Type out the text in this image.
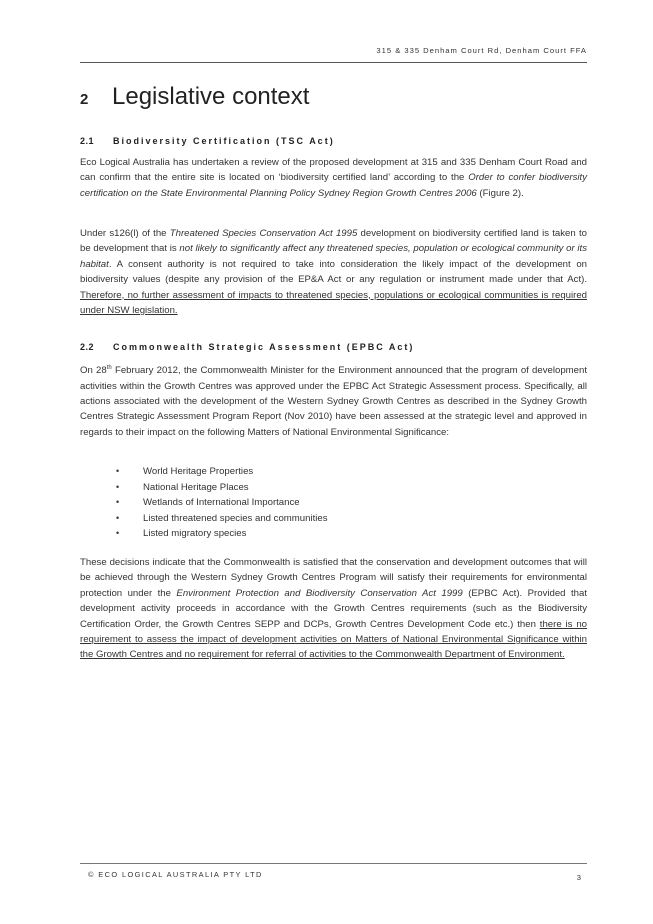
315 & 335 Denham Court Rd, Denham Court FFA
2 Legislative context
2.1 Biodiversity Certification (TSC Act)
Eco Logical Australia has undertaken a review of the proposed development at 315 and 335 Denham Court Road and can confirm that the entire site is located on ‘biodiversity certified land’ according to the Order to confer biodiversity certification on the State Environmental Planning Policy Sydney Region Growth Centres 2006 (Figure 2).
Under s126(l) of the Threatened Species Conservation Act 1995 development on biodiversity certified land is taken to be development that is not likely to significantly affect any threatened species, population or ecological community or its habitat. A consent authority is not required to take into consideration the likely impact of the development on biodiversity values (despite any provision of the EP&A Act or any regulation or instrument made under that Act). Therefore, no further assessment of impacts to threatened species, populations or ecological communities is required under NSW legislation.
2.2 Commonwealth Strategic Assessment (EPBC Act)
On 28th February 2012, the Commonwealth Minister for the Environment announced that the program of development activities within the Growth Centres was approved under the EPBC Act Strategic Assessment process. Specifically, all actions associated with the development of the Western Sydney Growth Centres as described in the Sydney Growth Centres Strategic Assessment Program Report (Nov 2010) have been assessed at the strategic level and approved in regards to their impact on the following Matters of National Environmental Significance:
• World Heritage Properties
• National Heritage Places
• Wetlands of International Importance
• Listed threatened species and communities
• Listed migratory species
These decisions indicate that the Commonwealth is satisfied that the conservation and development outcomes that will be achieved through the Western Sydney Growth Centres Program will satisfy their requirements for environmental protection under the Environment Protection and Biodiversity Conservation Act 1999 (EPBC Act). Provided that development activity proceeds in accordance with the Growth Centres requirements (such as the Biodiversity Certification Order, the Growth Centres SEPP and DCPs, Growth Centres Development Code etc.) then there is no requirement to assess the impact of development activities on Matters of National Environmental Significance within the Growth Centres and no requirement for referral of activities to the Commonwealth Department of Environment.
© ECO LOGICAL AUSTRALIA PTY LTD	3
